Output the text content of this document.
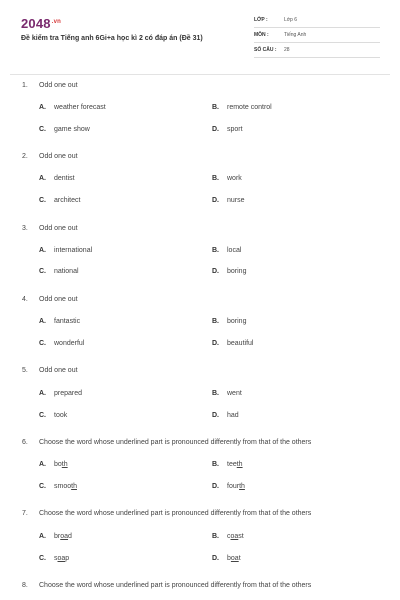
$2048^{.vn}$
Đề kiểm tra Tiếng anh 6Gi+a học kì 2 có đáp án (Đề 31)
LỚP :	Lớp 6
MÔN :	Tiếng Anh
SỐ CÂU : 28
1. Odd one out
A. weather forecast	B. remote control
C. game show	D. sport
2. Odd one out
A. dentist	B. work
C. architect	D. nurse
3. Odd one out
A. international	B. local
C. national	D. boring
4. Odd one out
A. fantastic	B. boring
C. wonderful	D. beautiful
5. Odd one out
A. prepared	B. went
C. took	D. had
6. Choose the word whose underlined part is pronounced differently from that of the others
A. both	B. teeth
C. smooth	D. fourth
7. Choose the word whose underlined part is pronounced differently from that of the others
A. broad	B. coast
C. soap	D. boat
8. Choose the word whose underlined part is pronounced differently from that of the others
